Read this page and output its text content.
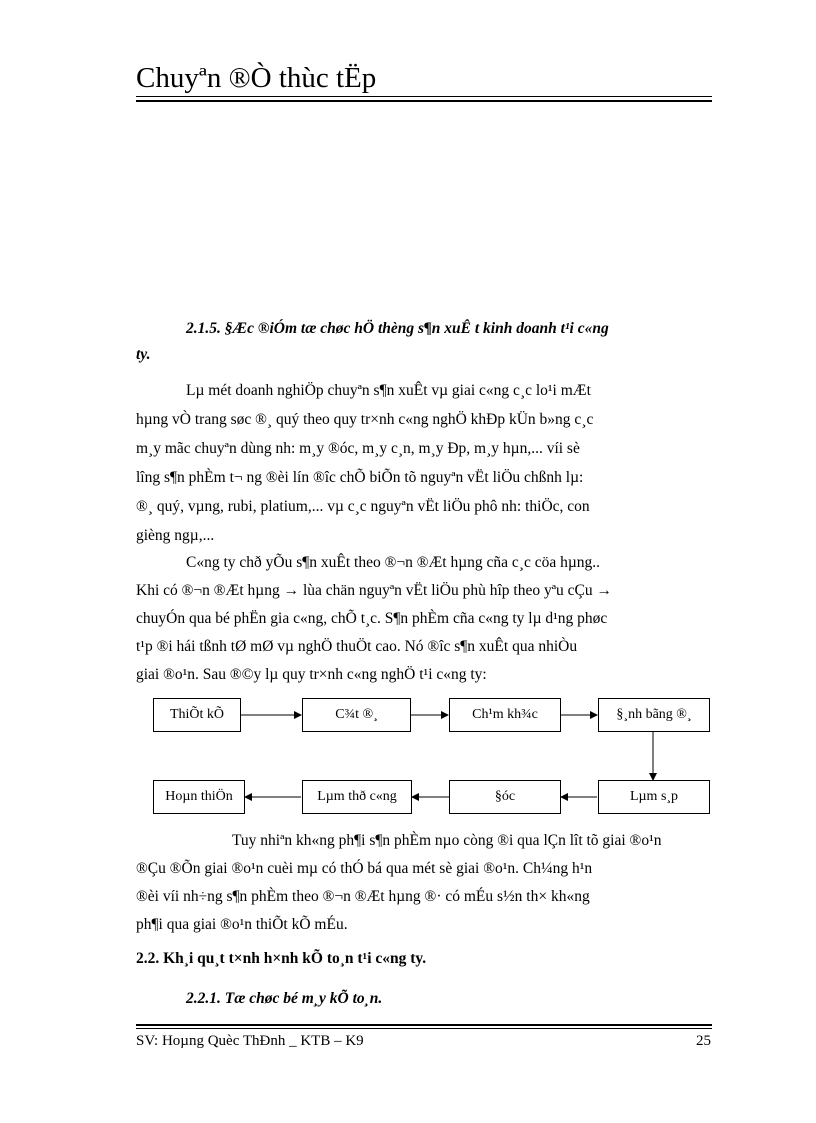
Chuyªn ®Ò thùc tËp
2.1.5. §Æc ®iÓm tæ chøc hÖ thèng s¶n xuÊ t kinh doanh t¹i c«ng
ty.
Lµ mét doanh nghiÖp chuyªn s¶n xuÊt vµ giai c«ng c¸c lo¹i mÆt
hµng vÒ trang søc ®¸ quý theo quy tr×nh c«ng nghÖ khÐp kÜn b»ng c¸c
m¸y mãc chuyªn dùng nh: m¸y ®óc, m¸y c¸n, m¸y Ðp, m¸y hµn,... víi sè
lîng s¶n phÈm t¬ ng ®èi lín ®îc chÕ biÕn tõ nguyªn vËt liÖu chßnh lµ:
®¸ quý, vµng, rubi, platium,... vµ c¸c nguyªn vËt liÖu phô nh: thiÖc, con
gièng ngµ,...
C«ng ty chð yÕu s¶n xuÊt theo ®¬n ®Æt hµng cña c¸c cöa hµng..
Khi có ®¬n ®Æt hµng → lùa chän nguyªn vËt liÖu phù hîp theo yªu cÇu →
chuyÓn qua bé phËn gia c«ng, chÕ t¸c. S¶n phÈm cña c«ng ty lµ d¹ng phøc
t¹p ®i hái tßnh tØ mØ vµ nghÖ thuÖt cao. Nó ®îc s¶n xuÊt qua nhiÒu
giai ®o¹n. Sau ®©y lµ quy tr×nh c«ng nghÖ t¹i c«ng ty:
ThiÕt kÕ	C¾t ®¸	Ch¹m kh¾c	§¸nh bãng ®¸
Lµm s¸p
§óc
Lµm thð c«ng
Hoµn thiÖn
Tuy nhiªn kh«ng ph¶i s¶n phÈm nµo còng ®i qua lÇn lît tõ giai ®o¹n
®Çu ®Õn giai ®o¹n cuèi mµ có thÓ bá qua mét sè giai ®o¹n. Ch¼ng h¹n
®èi víi nh÷ng s¶n phÈm theo ®¬n ®Æt hµng ®· có mÉu s½n th× kh«ng
ph¶i qua giai ®o¹n thiÕt kÕ mÉu.
2.2. Kh¸i qu¸t t×nh h×nh kÕ to¸n t¹i c«ng ty.
2.2.1. Tæ chøc bé m¸y kÕ to¸n.
SV: Hoµng Quèc ThÐnh _ KTB – K9	25
